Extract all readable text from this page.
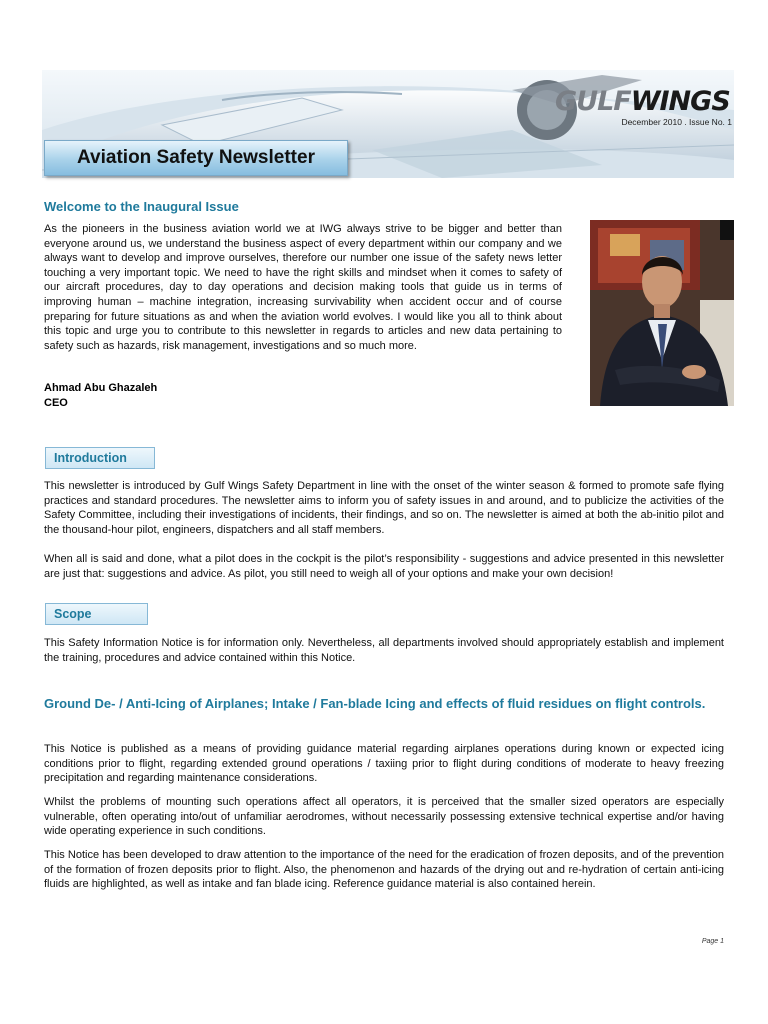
GULFWINGS
December 2010 . Issue No. 1
Aviation Safety Newsletter
Welcome to the Inaugural Issue

As the pioneers in the business aviation world we at IWG always strive to be bigger and better than everyone around us, we understand the business aspect of every department within our company and we always want to develop and improve ourselves, therefore our number one issue of the safety news letter touching a very important topic. We need to have the right skills and mindset when it comes to safety of our aircraft procedures, day to day operations and decision making tools that guide us in terms of improving human – machine integration, increasing survivability when accident occur and of course preparing for future situations as and when the aviation world evolves. I would like you all to think about this topic and urge you to contribute to this newsletter in regards to articles and new data pertaining to safety such as hazards, risk management, investigations and so much more.

Ahmad Abu Ghazaleh
CEO
Introduction

This newsletter is introduced by Gulf Wings Safety Department in line with the onset of the winter season & formed to promote safe flying practices and standard procedures. The newsletter aims to inform you of safety issues in and around, and to publicize the activities of the Safety Committee, including their investigations of incidents, their findings, and so on. The newsletter is aimed at both the ab-initio pilot and the thousand-hour pilot, engineers, dispatchers and all staff members.

When all is said and done, what a pilot does in the cockpit is the pilot’s responsibility - suggestions and advice presented in this newsletter are just that: suggestions and advice. As pilot, you still need to weigh all of your options and make your own decision!

Scope

This Safety Information Notice is for information only. Nevertheless, all departments involved should appropriately establish and implement the training, procedures and advice contained within this Notice.

Ground De- / Anti-Icing of Airplanes; Intake / Fan-blade Icing and effects of fluid residues on flight controls.

This Notice is published as a means of providing guidance material regarding airplanes operations during known or expected icing conditions prior to flight, regarding extended ground operations / taxiing prior to flight during conditions of moderate to heavy freezing precipitation and regarding maintenance considerations.

Whilst the problems of mounting such operations affect all operators, it is perceived that the smaller sized operators are especially vulnerable, often operating into/out of unfamiliar aerodromes, without necessarily possessing extensive technical expertise and/or having wide operating experience in such conditions.

This Notice has been developed to draw attention to the importance of the need for the eradication of frozen deposits, and of the prevention of the formation of frozen deposits prior to flight. Also, the phenomenon and hazards of the drying out and re-hydration of certain anti-icing fluids are highlighted, as well as intake and fan blade icing. Reference guidance material is also contained herein.

Page 1
